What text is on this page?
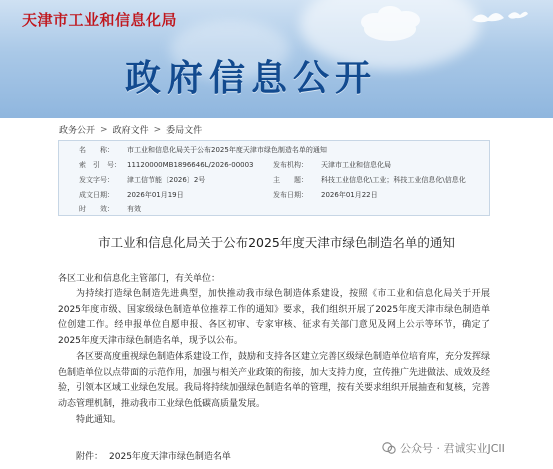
天津市工业和信息化局
政府信息公开
政务公开 > 政府文件 > 委局文件
名　　称： 市工业和信息化局关于公布2025年度天津市绿色制造名单的通知
索　引　号： 11120000MB1896646L/2026-00003	发布机构： 天津市工业和信息化局
发文字号： 津工信节能〔2026〕2号	主　　题： 科技工业信息化\工业；科技工业信息化\信息化
成文日期： 2026年01月19日	发布日期： 2026年01月22日
时　　效： 有效
市工业和信息化局关于公布2025年度天津市绿色制造名单的通知
各区工业和信息化主管部门，有关单位：

为持续打造绿色制造先进典型，加快推动我市绿色制造体系建设，按照《市工业和信息化局关于开展2025年度市级、国家级绿色制造单位推荐工作的通知》要求，我们组织开展了2025年度天津市绿色制造单位创建工作。经申报单位自愿申报、各区初审、专家审核、征求有关部门意见及网上公示等环节，确定了2025年度天津市绿色制造名单，现予以公布。

各区要高度重视绿色制造体系建设工作，鼓励和支持各区建立完善区级绿色制造单位培育库，充分发挥绿色制造单位以点带面的示范作用，加强与相关产业政策的衔接，加大支持力度，宣传推广先进做法、成效及经验，引领本区域工业绿色发展。我局将持续加强绿色制造名单的管理，按有关要求组织开展抽查和复核，完善动态管理机制，推动我市工业绿色低碳高质量发展。

特此通知。

附件： 2025年度天津市绿色制造名单
公众号 · 君诚实业JCII
